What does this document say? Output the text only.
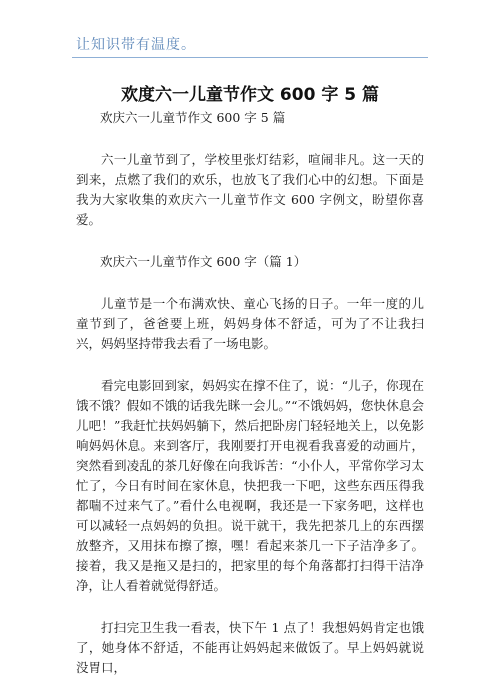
让知识带有温度。
欢度六一儿童节作文 600 字 5 篇

欢庆六一儿童节作文 600 字 5 篇

六一儿童节到了，学校里张灯结彩，喧闹非凡。这一天的到来，点燃了我们的欢乐，也放飞了我们心中的幻想。下面是我为大家收集的欢庆六一儿童节作文 600 字例文，盼望你喜爱。

欢庆六一儿童节作文 600 字（篇 1）

儿童节是一个布满欢快、童心飞扬的日子。一年一度的儿童节到了，爸爸要上班，妈妈身体不舒适，可为了不让我扫兴，妈妈坚持带我去看了一场电影。

看完电影回到家，妈妈实在撑不住了，说：“儿子，你现在饿不饿？假如不饿的话我先眯一会儿。”“不饿妈妈，您快休息会儿吧！”我赶忙扶妈妈躺下，然后把卧房门轻轻地关上，以免影响妈妈休息。来到客厅，我刚要打开电视看我喜爱的动画片，突然看到凌乱的茶几好像在向我诉苦：“小仆人，平常你学习太忙了，今日有时间在家休息，快把我一下吧，这些东西压得我都喘不过来气了。”看什么电视啊，我还是一下家务吧，这样也可以减轻一点妈妈的负担。说干就干，我先把茶几上的东西摆放整齐，又用抹布擦了擦，嘿！看起来茶几一下子洁净多了。接着，我又是拖又是扫的，把家里的每个角落都打扫得干洁净净，让人看着就觉得舒适。

打扫完卫生我一看表，快下午 1 点了！我想妈妈肯定也饿了，她身体不舒适，不能再让妈妈起来做饭了。早上妈妈就说没胃口，
